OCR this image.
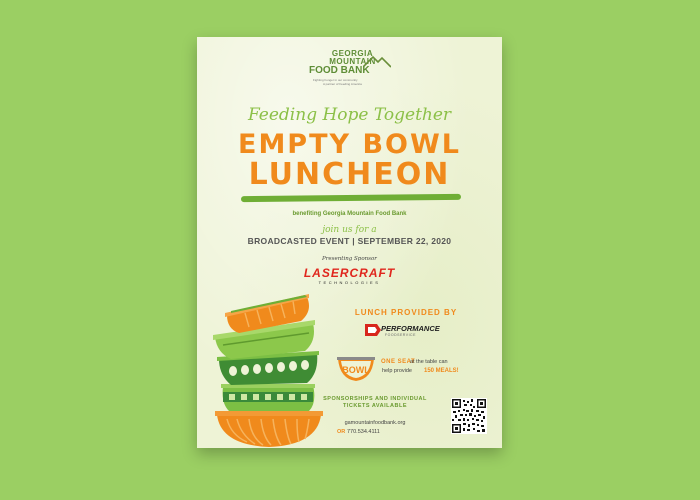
GEORGIA
MOUNTAIN
FOOD BANK
Fighting hunger in our community
A partner of Feeding America
Feeding Hope Together
EMPTY BOWL
LUNCHEON
benefiting Georgia Mountain Food Bank
join us for a
BROADCASTED EVENT | SEPTEMBER 22, 2020
Presenting Sponsor
LASERCRAFT
TECHNOLOGIES
LUNCH PROVIDED BY
PERFORMANCE
FOODSERVICE
BOWL
ONE SEAT
at the table can
help provide 150 MEALS!
SPONSORSHIPS AND INDIVIDUAL
TICKETS AVAILABLE
gamountainfoodbank.org
OR 770.534.4111
